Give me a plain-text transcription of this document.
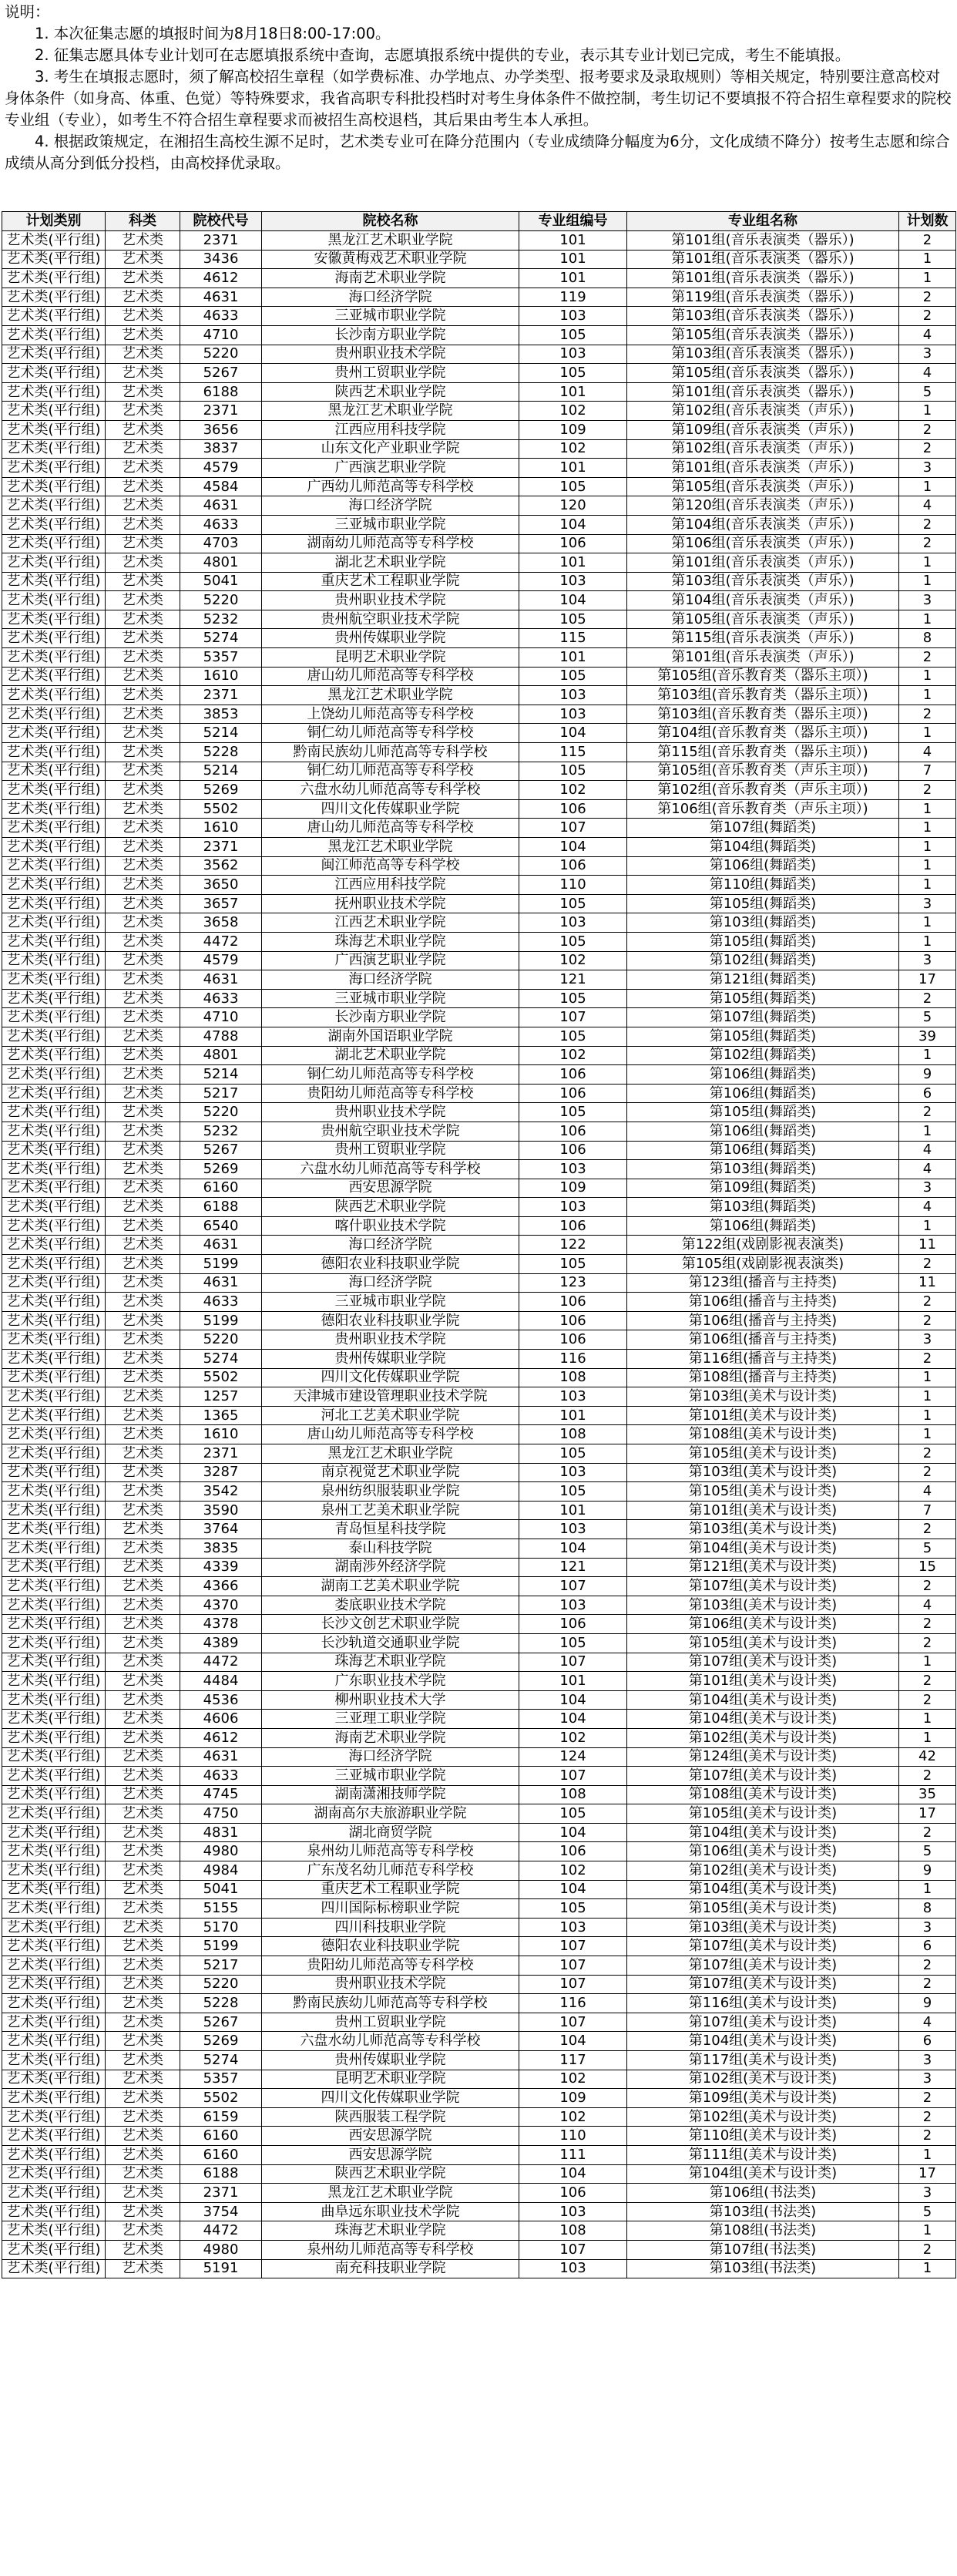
说明：

1. 本次征集志愿的填报时间为8月18日8:00-17:00。

2. 征集志愿具体专业计划可在志愿填报系统中查询，志愿填报系统中提供的专业，表示其专业计划已完成，考生不能填报。

3. 考生在填报志愿时，须了解高校招生章程（如学费标准、办学地点、办学类型、报考要求及录取规则）等相关规定，特别要注意高校对身体条件（如身高、体重、色觉）等特殊要求，我省高职专科批投档时对考生身体条件不做控制，考生切记不要填报不符合招生章程要求的院校专业组（专业），如考生不符合招生章程要求而被招生高校退档，其后果由考生本人承担。

4. 根据政策规定，在湘招生高校生源不足时，艺术类专业可在降分范围内（专业成绩降分幅度为6分，文化成绩不降分）按考生志愿和综合成绩从高分到低分投档，由高校择优录取。

计划类别	科类	院校代号	院校名称	专业组编号	专业组名称	计划数
艺术类(平行组)	艺术类	2371	黑龙江艺术职业学院	101	第101组(音乐表演类（器乐）)	2
艺术类(平行组)	艺术类	3436	安徽黄梅戏艺术职业学院	101	第101组(音乐表演类（器乐）)	1
艺术类(平行组)	艺术类	4612	海南艺术职业学院	101	第101组(音乐表演类（器乐）)	1
艺术类(平行组)	艺术类	4631	海口经济学院	119	第119组(音乐表演类（器乐）)	2
艺术类(平行组)	艺术类	4633	三亚城市职业学院	103	第103组(音乐表演类（器乐）)	2
艺术类(平行组)	艺术类	4710	长沙南方职业学院	105	第105组(音乐表演类（器乐）)	4
艺术类(平行组)	艺术类	5220	贵州职业技术学院	103	第103组(音乐表演类（器乐）)	3
艺术类(平行组)	艺术类	5267	贵州工贸职业学院	105	第105组(音乐表演类（器乐）)	4
艺术类(平行组)	艺术类	6188	陕西艺术职业学院	101	第101组(音乐表演类（器乐）)	5
艺术类(平行组)	艺术类	2371	黑龙江艺术职业学院	102	第102组(音乐表演类（声乐）)	1
艺术类(平行组)	艺术类	3656	江西应用科技学院	109	第109组(音乐表演类（声乐）)	2
艺术类(平行组)	艺术类	3837	山东文化产业职业学院	102	第102组(音乐表演类（声乐）)	2
艺术类(平行组)	艺术类	4579	广西演艺职业学院	101	第101组(音乐表演类（声乐）)	3
艺术类(平行组)	艺术类	4584	广西幼儿师范高等专科学校	105	第105组(音乐表演类（声乐）)	1
艺术类(平行组)	艺术类	4631	海口经济学院	120	第120组(音乐表演类（声乐）)	4
艺术类(平行组)	艺术类	4633	三亚城市职业学院	104	第104组(音乐表演类（声乐）)	2
艺术类(平行组)	艺术类	4703	湖南幼儿师范高等专科学校	106	第106组(音乐表演类（声乐）)	2
艺术类(平行组)	艺术类	4801	湖北艺术职业学院	101	第101组(音乐表演类（声乐）)	1
艺术类(平行组)	艺术类	5041	重庆艺术工程职业学院	103	第103组(音乐表演类（声乐）)	1
艺术类(平行组)	艺术类	5220	贵州职业技术学院	104	第104组(音乐表演类（声乐）)	3
艺术类(平行组)	艺术类	5232	贵州航空职业技术学院	105	第105组(音乐表演类（声乐）)	1
艺术类(平行组)	艺术类	5274	贵州传媒职业学院	115	第115组(音乐表演类（声乐）)	8
艺术类(平行组)	艺术类	5357	昆明艺术职业学院	101	第101组(音乐表演类（声乐）)	2
艺术类(平行组)	艺术类	1610	唐山幼儿师范高等专科学校	105	第105组(音乐教育类（器乐主项）)	1
艺术类(平行组)	艺术类	2371	黑龙江艺术职业学院	103	第103组(音乐教育类（器乐主项）)	1
艺术类(平行组)	艺术类	3853	上饶幼儿师范高等专科学校	103	第103组(音乐教育类（器乐主项）)	2
艺术类(平行组)	艺术类	5214	铜仁幼儿师范高等专科学校	104	第104组(音乐教育类（器乐主项）)	1
艺术类(平行组)	艺术类	5228	黔南民族幼儿师范高等专科学校	115	第115组(音乐教育类（器乐主项）)	4
艺术类(平行组)	艺术类	5214	铜仁幼儿师范高等专科学校	105	第105组(音乐教育类（声乐主项）)	7
艺术类(平行组)	艺术类	5269	六盘水幼儿师范高等专科学校	102	第102组(音乐教育类（声乐主项）)	2
艺术类(平行组)	艺术类	5502	四川文化传媒职业学院	106	第106组(音乐教育类（声乐主项）)	1
艺术类(平行组)	艺术类	1610	唐山幼儿师范高等专科学校	107	第107组(舞蹈类)	1
艺术类(平行组)	艺术类	2371	黑龙江艺术职业学院	104	第104组(舞蹈类)	1
艺术类(平行组)	艺术类	3562	闽江师范高等专科学校	106	第106组(舞蹈类)	1
艺术类(平行组)	艺术类	3650	江西应用科技学院	110	第110组(舞蹈类)	1
艺术类(平行组)	艺术类	3657	抚州职业技术学院	105	第105组(舞蹈类)	3
艺术类(平行组)	艺术类	3658	江西艺术职业学院	103	第103组(舞蹈类)	1
艺术类(平行组)	艺术类	4472	珠海艺术职业学院	105	第105组(舞蹈类)	1
艺术类(平行组)	艺术类	4579	广西演艺职业学院	102	第102组(舞蹈类)	3
艺术类(平行组)	艺术类	4631	海口经济学院	121	第121组(舞蹈类)	17
艺术类(平行组)	艺术类	4633	三亚城市职业学院	105	第105组(舞蹈类)	2
艺术类(平行组)	艺术类	4710	长沙南方职业学院	107	第107组(舞蹈类)	5
艺术类(平行组)	艺术类	4788	湖南外国语职业学院	105	第105组(舞蹈类)	39
艺术类(平行组)	艺术类	4801	湖北艺术职业学院	102	第102组(舞蹈类)	1
艺术类(平行组)	艺术类	5214	铜仁幼儿师范高等专科学校	106	第106组(舞蹈类)	9
艺术类(平行组)	艺术类	5217	贵阳幼儿师范高等专科学校	106	第106组(舞蹈类)	6
艺术类(平行组)	艺术类	5220	贵州职业技术学院	105	第105组(舞蹈类)	2
艺术类(平行组)	艺术类	5232	贵州航空职业技术学院	106	第106组(舞蹈类)	1
艺术类(平行组)	艺术类	5267	贵州工贸职业学院	106	第106组(舞蹈类)	4
艺术类(平行组)	艺术类	5269	六盘水幼儿师范高等专科学校	103	第103组(舞蹈类)	4
艺术类(平行组)	艺术类	6160	西安思源学院	109	第109组(舞蹈类)	3
艺术类(平行组)	艺术类	6188	陕西艺术职业学院	103	第103组(舞蹈类)	4
艺术类(平行组)	艺术类	6540	喀什职业技术学院	106	第106组(舞蹈类)	1
艺术类(平行组)	艺术类	4631	海口经济学院	122	第122组(戏剧影视表演类)	11
艺术类(平行组)	艺术类	5199	德阳农业科技职业学院	105	第105组(戏剧影视表演类)	2
艺术类(平行组)	艺术类	4631	海口经济学院	123	第123组(播音与主持类)	11
艺术类(平行组)	艺术类	4633	三亚城市职业学院	106	第106组(播音与主持类)	2
艺术类(平行组)	艺术类	5199	德阳农业科技职业学院	106	第106组(播音与主持类)	2
艺术类(平行组)	艺术类	5220	贵州职业技术学院	106	第106组(播音与主持类)	3
艺术类(平行组)	艺术类	5274	贵州传媒职业学院	116	第116组(播音与主持类)	2
艺术类(平行组)	艺术类	5502	四川文化传媒职业学院	108	第108组(播音与主持类)	1
艺术类(平行组)	艺术类	1257	天津城市建设管理职业技术学院	103	第103组(美术与设计类)	1
艺术类(平行组)	艺术类	1365	河北工艺美术职业学院	101	第101组(美术与设计类)	1
艺术类(平行组)	艺术类	1610	唐山幼儿师范高等专科学校	108	第108组(美术与设计类)	1
艺术类(平行组)	艺术类	2371	黑龙江艺术职业学院	105	第105组(美术与设计类)	2
艺术类(平行组)	艺术类	3287	南京视觉艺术职业学院	103	第103组(美术与设计类)	2
艺术类(平行组)	艺术类	3542	泉州纺织服装职业学院	105	第105组(美术与设计类)	4
艺术类(平行组)	艺术类	3590	泉州工艺美术职业学院	101	第101组(美术与设计类)	7
艺术类(平行组)	艺术类	3764	青岛恒星科技学院	103	第103组(美术与设计类)	2
艺术类(平行组)	艺术类	3835	泰山科技学院	104	第104组(美术与设计类)	5
艺术类(平行组)	艺术类	4339	湖南涉外经济学院	121	第121组(美术与设计类)	15
艺术类(平行组)	艺术类	4366	湖南工艺美术职业学院	107	第107组(美术与设计类)	2
艺术类(平行组)	艺术类	4370	娄底职业技术学院	103	第103组(美术与设计类)	4
艺术类(平行组)	艺术类	4378	长沙文创艺术职业学院	106	第106组(美术与设计类)	2
艺术类(平行组)	艺术类	4389	长沙轨道交通职业学院	105	第105组(美术与设计类)	2
艺术类(平行组)	艺术类	4472	珠海艺术职业学院	107	第107组(美术与设计类)	1
艺术类(平行组)	艺术类	4484	广东职业技术学院	101	第101组(美术与设计类)	2
艺术类(平行组)	艺术类	4536	柳州职业技术大学	104	第104组(美术与设计类)	2
艺术类(平行组)	艺术类	4606	三亚理工职业学院	104	第104组(美术与设计类)	1
艺术类(平行组)	艺术类	4612	海南艺术职业学院	102	第102组(美术与设计类)	1
艺术类(平行组)	艺术类	4631	海口经济学院	124	第124组(美术与设计类)	42
艺术类(平行组)	艺术类	4633	三亚城市职业学院	107	第107组(美术与设计类)	2
艺术类(平行组)	艺术类	4745	湖南潇湘技师学院	108	第108组(美术与设计类)	35
艺术类(平行组)	艺术类	4750	湖南高尔夫旅游职业学院	105	第105组(美术与设计类)	17
艺术类(平行组)	艺术类	4831	湖北商贸学院	104	第104组(美术与设计类)	2
艺术类(平行组)	艺术类	4980	泉州幼儿师范高等专科学校	106	第106组(美术与设计类)	5
艺术类(平行组)	艺术类	4984	广东茂名幼儿师范专科学校	102	第102组(美术与设计类)	9
艺术类(平行组)	艺术类	5041	重庆艺术工程职业学院	104	第104组(美术与设计类)	1
艺术类(平行组)	艺术类	5155	四川国际标榜职业学院	105	第105组(美术与设计类)	8
艺术类(平行组)	艺术类	5170	四川科技职业学院	103	第103组(美术与设计类)	3
艺术类(平行组)	艺术类	5199	德阳农业科技职业学院	107	第107组(美术与设计类)	6
艺术类(平行组)	艺术类	5217	贵阳幼儿师范高等专科学校	107	第107组(美术与设计类)	2
艺术类(平行组)	艺术类	5220	贵州职业技术学院	107	第107组(美术与设计类)	2
艺术类(平行组)	艺术类	5228	黔南民族幼儿师范高等专科学校	116	第116组(美术与设计类)	9
艺术类(平行组)	艺术类	5267	贵州工贸职业学院	107	第107组(美术与设计类)	4
艺术类(平行组)	艺术类	5269	六盘水幼儿师范高等专科学校	104	第104组(美术与设计类)	6
艺术类(平行组)	艺术类	5274	贵州传媒职业学院	117	第117组(美术与设计类)	3
艺术类(平行组)	艺术类	5357	昆明艺术职业学院	102	第102组(美术与设计类)	3
艺术类(平行组)	艺术类	5502	四川文化传媒职业学院	109	第109组(美术与设计类)	2
艺术类(平行组)	艺术类	6159	陕西服装工程学院	102	第102组(美术与设计类)	2
艺术类(平行组)	艺术类	6160	西安思源学院	110	第110组(美术与设计类)	2
艺术类(平行组)	艺术类	6160	西安思源学院	111	第111组(美术与设计类)	1
艺术类(平行组)	艺术类	6188	陕西艺术职业学院	104	第104组(美术与设计类)	17
艺术类(平行组)	艺术类	2371	黑龙江艺术职业学院	106	第106组(书法类)	3
艺术类(平行组)	艺术类	3754	曲阜远东职业技术学院	103	第103组(书法类)	5
艺术类(平行组)	艺术类	4472	珠海艺术职业学院	108	第108组(书法类)	1
艺术类(平行组)	艺术类	4980	泉州幼儿师范高等专科学校	107	第107组(书法类)	2
艺术类(平行组)	艺术类	5191	南充科技职业学院	103	第103组(书法类)	1
